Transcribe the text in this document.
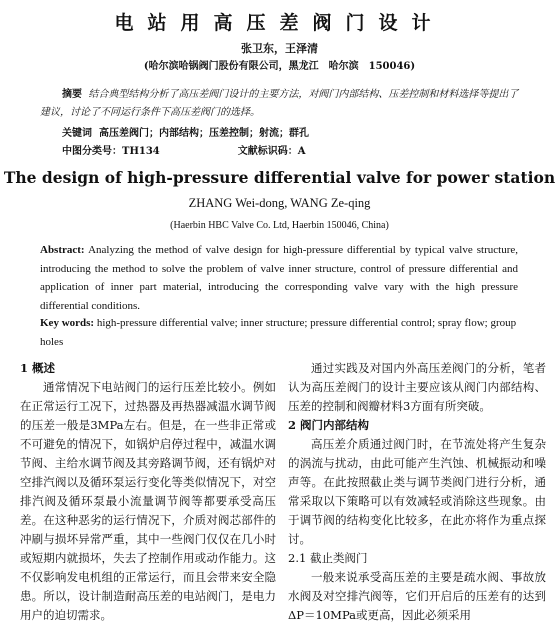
电站用高压差阀门设计
张卫东，王泽清
(哈尔滨哈锅阀门股份有限公司，黑龙江　哈尔滨　150046)
摘要 结合典型结构分析了高压差阀门设计的主要方法，对阀门内部结构、压差控制和材料选择等提出了建议，讨论了不同运行条件下高压差阀门的选择。
关键词 高压差阀门；内部结构；压差控制；射流；群孔
中图分类号：TH134	文献标识码：A
The design of high-pressure differential valve for power station
ZHANG Wei-dong, WANG Ze-qing
(Haerbin HBC Valve Co. Ltd, Haerbin 150046, China)
Abstract: Analyzing the method of valve design for high-pressure differential by typical valve structure, introducing the method to solve the problem of valve inner structure, control of pressure differential and application of inner part material, introducing the corresponding valve vary with the high pressure differential conditions.
Key words: high-pressure differential valve; inner structure; pressure differential control; spray flow; group holes
1 概述

通常情况下电站阀门的运行压差比较小。例如在正常运行工况下，过热器及再热器减温水调节阀的压差一般是3MPa左右。但是，在一些非正常或不可避免的情况下，如锅炉启停过程中，减温水调节阀、主给水调节阀及其旁路调节阀，还有锅炉对空排汽阀以及循环泵运行变化等类似情况下，对空排汽阀及循环泵最小流量调节阀等都要承受高压差。在这种恶劣的运行情况下，介质对阀芯部件的冲刷与损坏异常严重，其中一些阀门仅仅在几小时或短期内就损坏，失去了控制作用或动作能力。这不仅影响发电机组的正常运行，而且会带来安全隐患。所以，设计制造耐高压差的电站阀门，是电力用户的迫切需求。

通过实践及对国内外高压差阀门的分析，笔者认为高压差阀门的设计主要应该从阀门内部结构、压差的控制和阀瓣材料3方面有所突破。

2 阀门内部结构

高压差介质通过阀门时，在节流处将产生复杂的涡流与扰动，由此可能产生汽蚀、机械振动和噪声等。在此按照截止类与调节类阀门进行分析，通常采取以下策略可以有效减轻或消除这些现象。由于调节阀的结构变化比较多，在此亦将作为重点探讨。

2.1 截止类阀门

一般来说承受高压差的主要是疏水阀、事故放水阀及对空排汽阀等，它们开启后的压差有的达到 ΔP＝10MPa或更高，因此必须采用
